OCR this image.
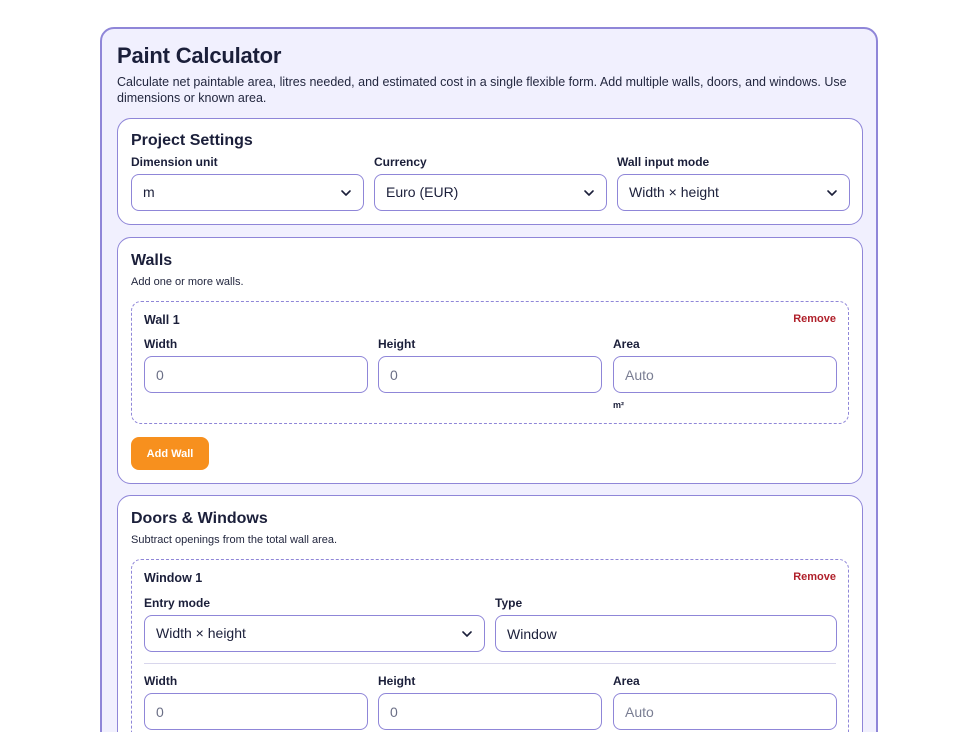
Paint Calculator

Calculate net paintable area, litres needed, and estimated cost in a single flexible form. Add multiple walls, doors, and windows. Use dimensions or known area.

Project Settings
Dimension unit
m
Currency
Euro (EUR)
Wall input mode
Width × height
Walls

Add one or more walls.

Wall 1	Remove
Width
0	Height
0	Area
Auto
m²
Add Wall
Doors & Windows

Subtract openings from the total wall area.

Window 1	Remove
Entry mode
Width × height
Type
Window
Width
0	Height
0	Area
Auto
